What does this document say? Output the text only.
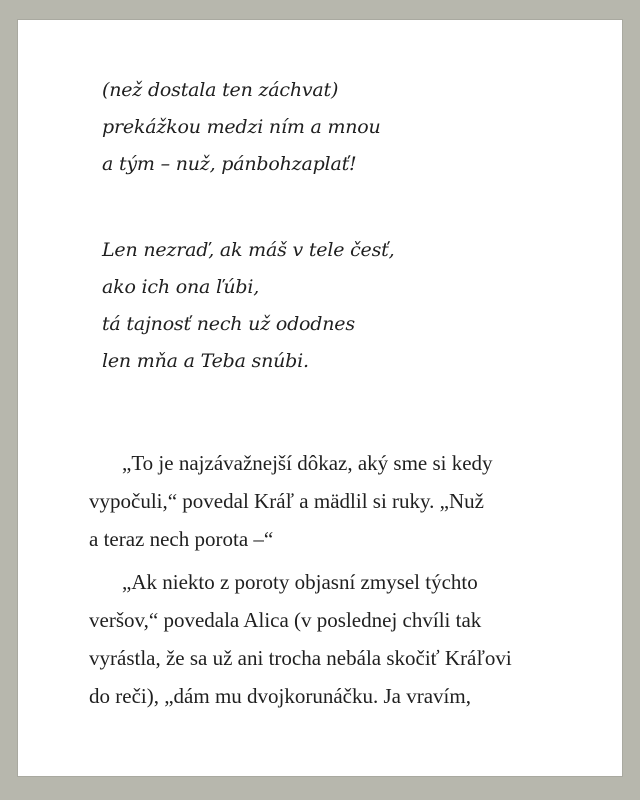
(než dostala ten záchvat)
prekážkou medzi ním a mnou
a tým – nuž, pánbohzaplať!
Len nezraď, ak máš v tele česť,
ako ich ona ľúbi,
tá tajnosť nech už ododnes
len mňa a Teba snúbi.
„To je najzávažnejší dôkaz, aký sme si kedy
vypočuli,“ povedal Kráľ a mädlil si ruky. „Nuž
a teraz nech porota –“
„Ak niekto z poroty objasní zmysel týchto
veršov,“ povedala Alica (v poslednej chvíli tak
vyrástla, že sa už ani trocha nebála skočiť Kráľovi
do reči), „dám mu dvojkorunáčku. Ja vravím,
